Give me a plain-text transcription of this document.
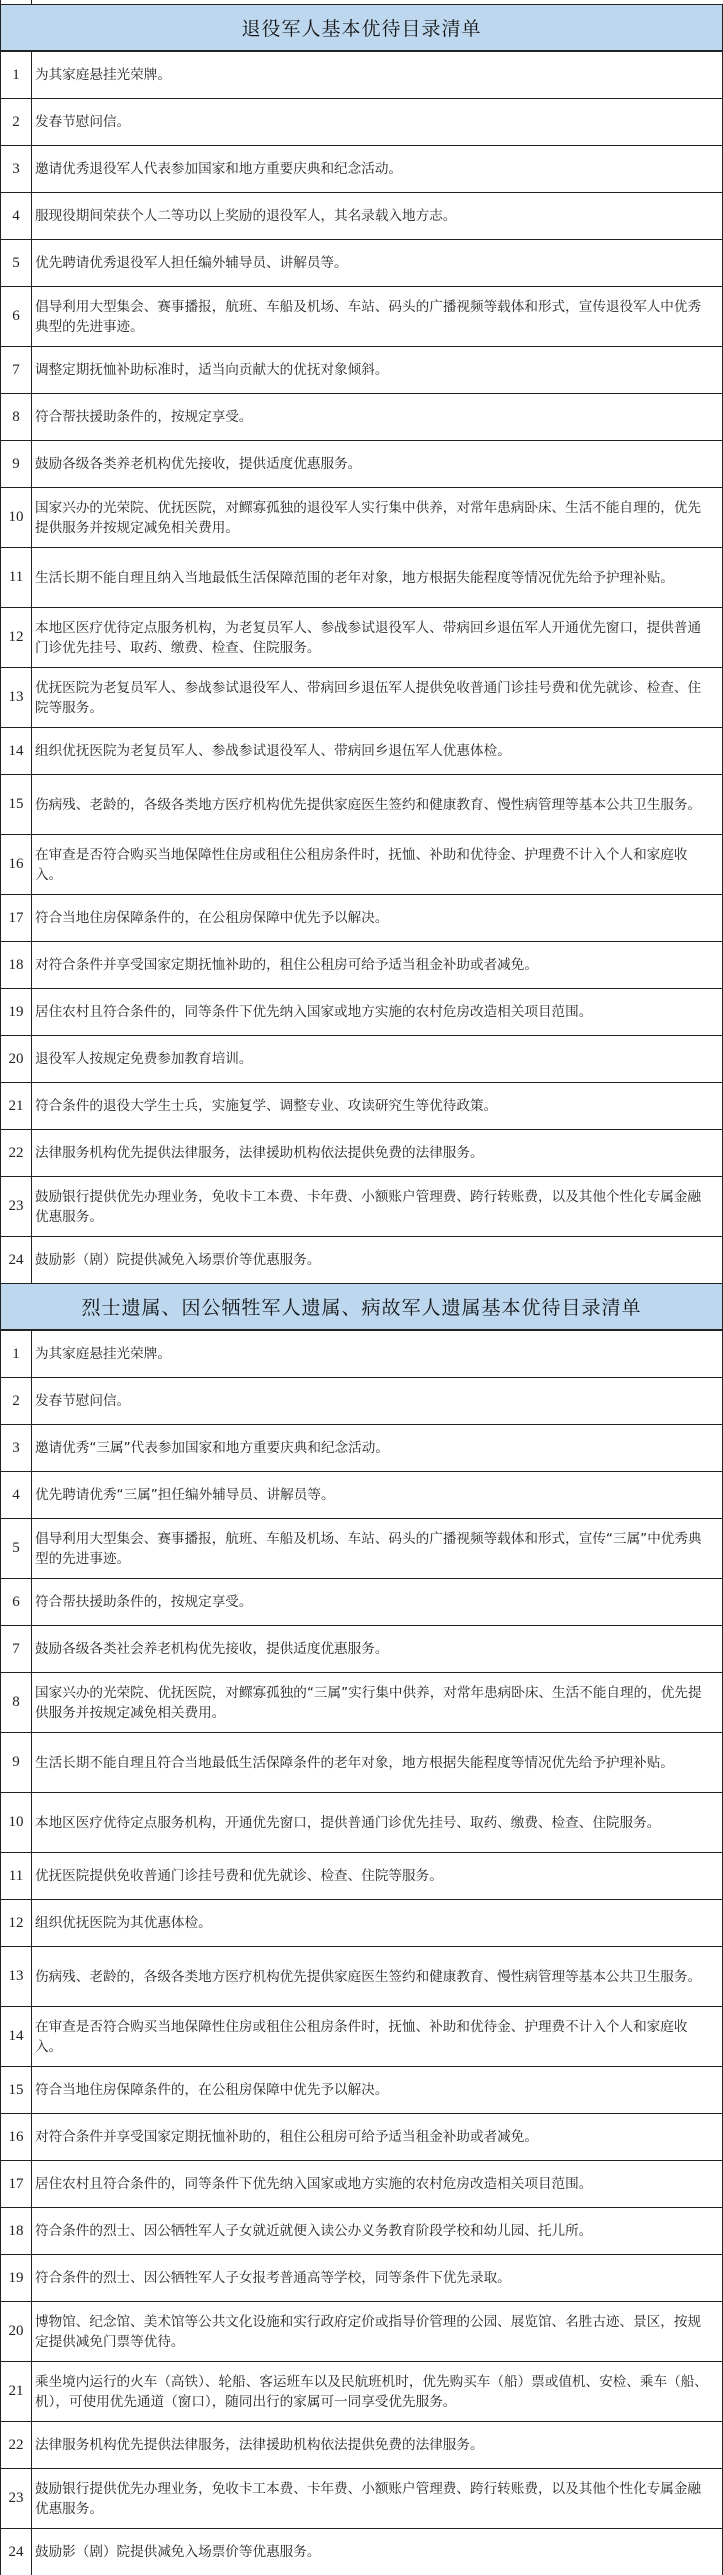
退役军人基本优待目录清单
1	为其家庭悬挂光荣牌。
2	发春节慰问信。
3	邀请优秀退役军人代表参加国家和地方重要庆典和纪念活动。
4	服现役期间荣获个人二等功以上奖励的退役军人，其名录载入地方志。
5	优先聘请优秀退役军人担任编外辅导员、讲解员等。
6	倡导利用大型集会、赛事播报，航班、车船及机场、车站、码头的广播视频等载体和形式，宣传退役军人中优秀典型的先进事迹。
7	调整定期抚恤补助标准时，适当向贡献大的优抚对象倾斜。
8	符合帮扶援助条件的，按规定享受。
9	鼓励各级各类养老机构优先接收，提供适度优惠服务。
10	国家兴办的光荣院、优抚医院，对鳏寡孤独的退役军人实行集中供养，对常年患病卧床、生活不能自理的，优先提供服务并按规定减免相关费用。
11	生活长期不能自理且纳入当地最低生活保障范围的老年对象，地方根据失能程度等情况优先给予护理补贴。
12	本地区医疗优待定点服务机构，为老复员军人、参战参试退役军人、带病回乡退伍军人开通优先窗口，提供普通门诊优先挂号、取药、缴费、检查、住院服务。
13	优抚医院为老复员军人、参战参试退役军人、带病回乡退伍军人提供免收普通门诊挂号费和优先就诊、检查、住院等服务。
14	组织优抚医院为老复员军人、参战参试退役军人、带病回乡退伍军人优惠体检。
15	伤病残、老龄的，各级各类地方医疗机构优先提供家庭医生签约和健康教育、慢性病管理等基本公共卫生服务。
16	在审查是否符合购买当地保障性住房或租住公租房条件时，抚恤、补助和优待金、护理费不计入个人和家庭收入。
17	符合当地住房保障条件的，在公租房保障中优先予以解决。
18	对符合条件并享受国家定期抚恤补助的，租住公租房可给予适当租金补助或者减免。
19	居住农村且符合条件的，同等条件下优先纳入国家或地方实施的农村危房改造相关项目范围。
20	退役军人按规定免费参加教育培训。
21	符合条件的退役大学生士兵，实施复学、调整专业、攻读研究生等优待政策。
22	法律服务机构优先提供法律服务，法律援助机构依法提供免费的法律服务。
23	鼓励银行提供优先办理业务，免收卡工本费、卡年费、小额账户管理费、跨行转账费，以及其他个性化专属金融优惠服务。
24	鼓励影（剧）院提供减免入场票价等优惠服务。
烈士遗属、因公牺牲军人遗属、病故军人遗属基本优待目录清单
1	为其家庭悬挂光荣牌。
2	发春节慰问信。
3	邀请优秀“三属”代表参加国家和地方重要庆典和纪念活动。
4	优先聘请优秀“三属”担任编外辅导员、讲解员等。
5	倡导利用大型集会、赛事播报，航班、车船及机场、车站、码头的广播视频等载体和形式，宣传“三属”中优秀典型的先进事迹。
6	符合帮扶援助条件的，按规定享受。
7	鼓励各级各类社会养老机构优先接收，提供适度优惠服务。
8	国家兴办的光荣院、优抚医院，对鳏寡孤独的“三属”实行集中供养，对常年患病卧床、生活不能自理的，优先提供服务并按规定减免相关费用。
9	生活长期不能自理且符合当地最低生活保障条件的老年对象，地方根据失能程度等情况优先给予护理补贴。
10	本地区医疗优待定点服务机构，开通优先窗口，提供普通门诊优先挂号、取药、缴费、检查、住院服务。
11	优抚医院提供免收普通门诊挂号费和优先就诊、检查、住院等服务。
12	组织优抚医院为其优惠体检。
13	伤病残、老龄的，各级各类地方医疗机构优先提供家庭医生签约和健康教育、慢性病管理等基本公共卫生服务。
14	在审查是否符合购买当地保障性住房或租住公租房条件时，抚恤、补助和优待金、护理费不计入个人和家庭收入。
15	符合当地住房保障条件的，在公租房保障中优先予以解决。
16	对符合条件并享受国家定期抚恤补助的，租住公租房可给予适当租金补助或者减免。
17	居住农村且符合条件的，同等条件下优先纳入国家或地方实施的农村危房改造相关项目范围。
18	符合条件的烈士、因公牺牲军人子女就近就便入读公办义务教育阶段学校和幼儿园、托儿所。
19	符合条件的烈士、因公牺牲军人子女报考普通高等学校，同等条件下优先录取。
20	博物馆、纪念馆、美术馆等公共文化设施和实行政府定价或指导价管理的公园、展览馆、名胜古迹、景区，按规定提供减免门票等优待。
21	乘坐境内运行的火车（高铁）、轮船、客运班车以及民航班机时，优先购买车（船）票或值机、安检、乘车（船、机），可使用优先通道（窗口），随同出行的家属可一同享受优先服务。
22	法律服务机构优先提供法律服务，法律援助机构依法提供免费的法律服务。
23	鼓励银行提供优先办理业务，免收卡工本费、卡年费、小额账户管理费、跨行转账费，以及其他个性化专属金融优惠服务。
24	鼓励影（剧）院提供减免入场票价等优惠服务。
